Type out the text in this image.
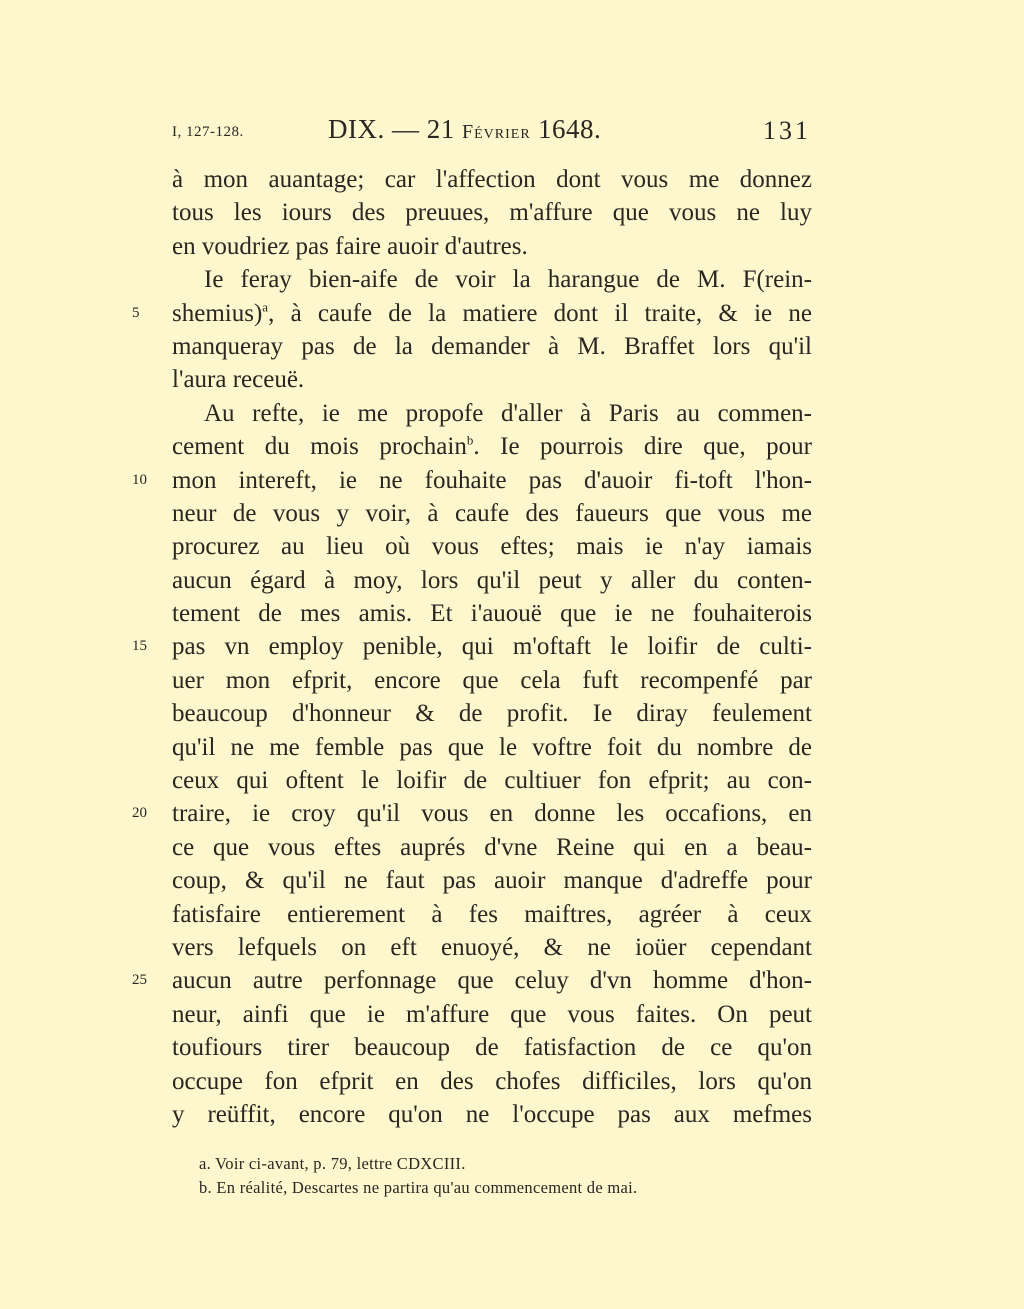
I, 127-128.	DIX. — 21 Février 1648.	131
à mon auantage; car l'affection dont vous me donnez
tous les iours des preuues, m'affure que vous ne luy
en voudriez pas faire auoir d'autres.
Ie feray bien-aife de voir la harangue de M. F(rein-
shemius)$^a$, à caufe de la matiere dont il traite, & ie ne
5
manqueray pas de la demander à M. Braffet lors qu'il
l'aura receuë.
Au refte, ie me propofe d'aller à Paris au commen-
cement du mois prochain$^b$. Ie pourrois dire que, pour
mon intereft, ie ne fouhaite pas d'auoir fi-toft l'hon-
10
neur de vous y voir, à caufe des faueurs que vous me
procurez au lieu où vous eftes; mais ie n'ay iamais
aucun égard à moy, lors qu'il peut y aller du conten-
tement de mes amis. Et i'auouë que ie ne fouhaiterois
pas vn employ penible, qui m'oftaft le loifir de culti-
15
uer mon efprit, encore que cela fuft recompenfé par
beaucoup d'honneur & de profit. Ie diray feulement
qu'il ne me femble pas que le voftre foit du nombre de
ceux qui oftent le loifir de cultiuer fon efprit; au con-
traire, ie croy qu'il vous en donne les occafions, en
20
ce que vous eftes auprés d'vne Reine qui en a beau-
coup, & qu'il ne faut pas auoir manque d'adreffe pour
fatisfaire entierement à fes maiftres, agréer à ceux
vers lefquels on eft enuoyé, & ne ioüer cependant
aucun autre perfonnage que celuy d'vn homme d'hon-
25
neur, ainfi que ie m'affure que vous faites. On peut
toufiours tirer beaucoup de fatisfaction de ce qu'on
occupe fon efprit en des chofes difficiles, lors qu'on
y reüffit, encore qu'on ne l'occupe pas aux mefmes
a. Voir ci-avant, p. 79, lettre CDXCIII.
b. En réalité, Descartes ne partira qu'au commencement de mai.
